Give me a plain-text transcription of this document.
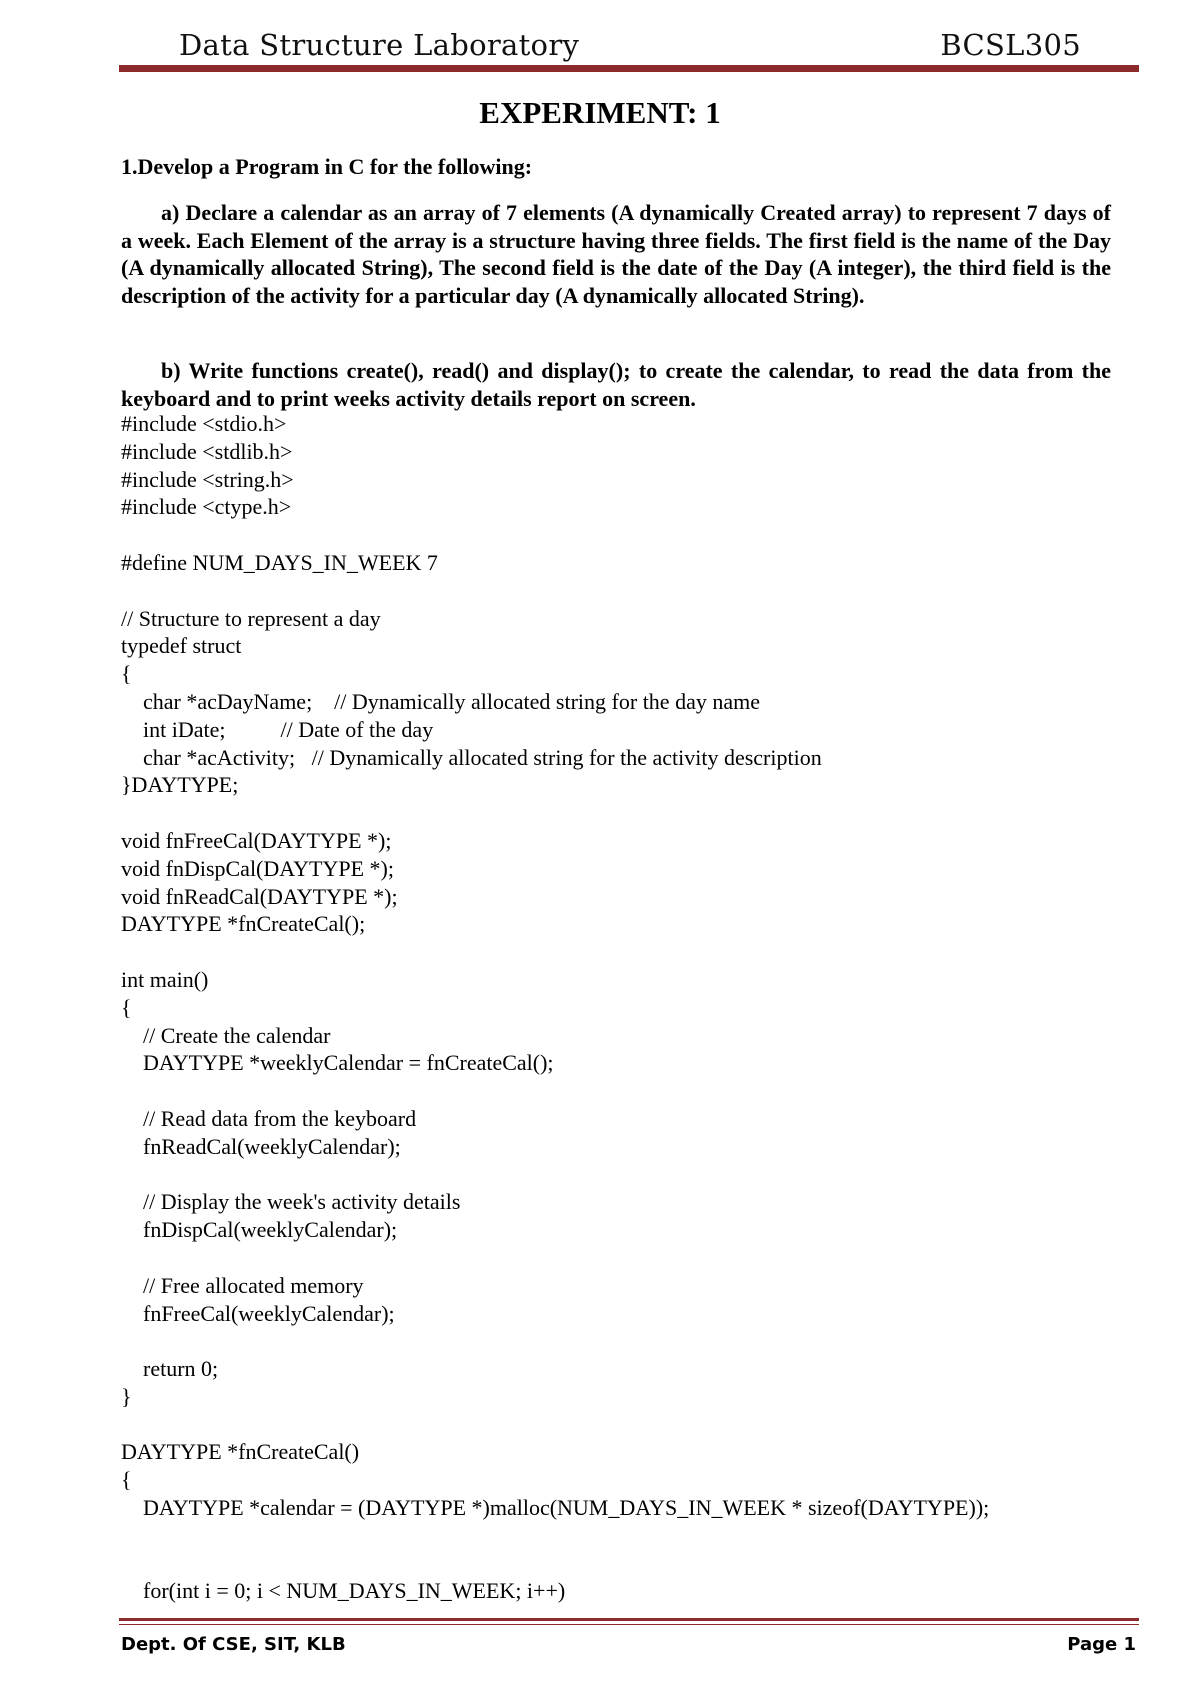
Data Structure Laboratory	BCSL305
EXPERIMENT: 1
1.Develop a Program in C for the following:
a) Declare a calendar as an array of 7 elements (A dynamically Created array) to represent 7 days of a week. Each Element of the array is a structure having three fields. The first field is the name of the Day (A dynamically allocated String), The second field is the date of the Day (A integer), the third field is the description of the activity for a particular day (A dynamically allocated String).
b) Write functions create(), read() and display(); to create the calendar, to read the data from the keyboard and to print weeks activity details report on screen.
#include <stdio.h>
#include <stdlib.h>
#include <string.h>
#include <ctype.h>
#define NUM_DAYS_IN_WEEK 7
// Structure to represent a day
typedef struct
{
char *acDayName;    // Dynamically allocated string for the day name
int iDate;          // Date of the day
char *acActivity;   // Dynamically allocated string for the activity description
}DAYTYPE;
void fnFreeCal(DAYTYPE *);
void fnDispCal(DAYTYPE *);
void fnReadCal(DAYTYPE *);
DAYTYPE *fnCreateCal();
int main()
{
// Create the calendar
DAYTYPE *weeklyCalendar = fnCreateCal();
// Read data from the keyboard
fnReadCal(weeklyCalendar);
// Display the week's activity details
fnDispCal(weeklyCalendar);
// Free allocated memory
fnFreeCal(weeklyCalendar);
return 0;
}
DAYTYPE *fnCreateCal()
{
DAYTYPE *calendar = (DAYTYPE *)malloc(NUM_DAYS_IN_WEEK * sizeof(DAYTYPE));
for(int i = 0; i < NUM_DAYS_IN_WEEK; i++)
Dept. Of CSE, SIT, KLB	Page 1
